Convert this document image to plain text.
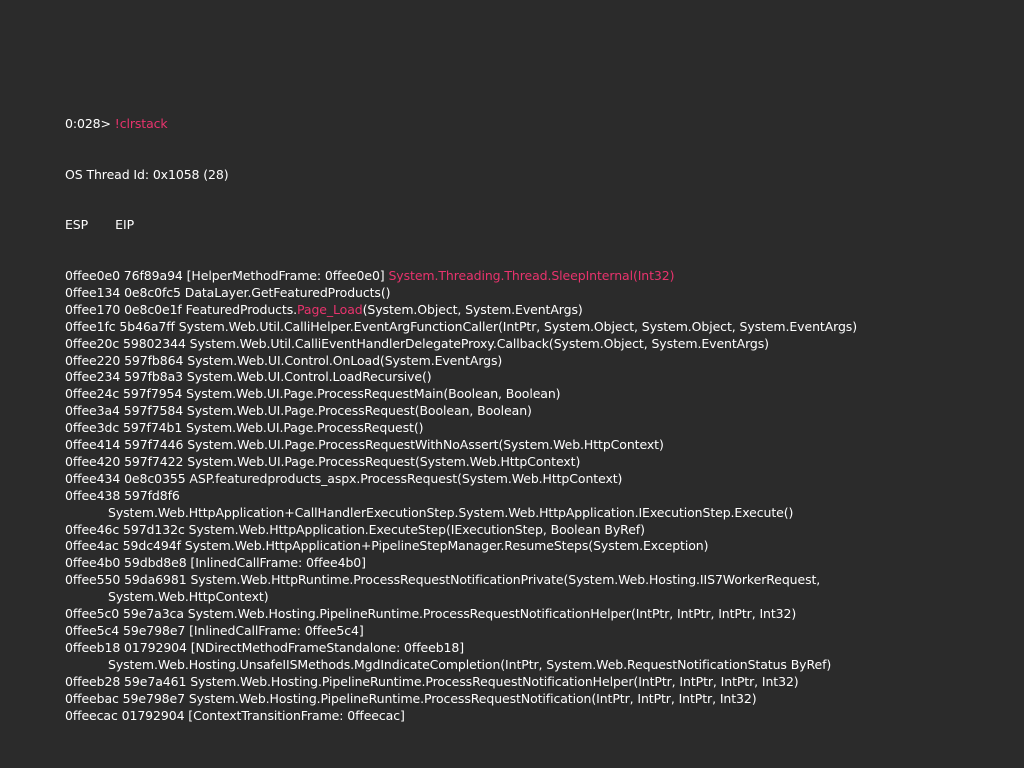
0:028> !clrstack

OS Thread Id: 0x1058 (28)

ESP       EIP

0ffee0e0 76f89a94 [HelperMethodFrame: 0ffee0e0] System.Threading.Thread.SleepInternal(Int32)
0ffee134 0e8c0fc5 DataLayer.GetFeaturedProducts()
0ffee170 0e8c0e1f FeaturedProducts.Page_Load(System.Object, System.EventArgs)
0ffee1fc 5b46a7ff System.Web.Util.CalliHelper.EventArgFunctionCaller(IntPtr, System.Object, System.Object, System.EventArgs)
0ffee20c 59802344 System.Web.Util.CalliEventHandlerDelegateProxy.Callback(System.Object, System.EventArgs)
0ffee220 597fb864 System.Web.UI.Control.OnLoad(System.EventArgs)
0ffee234 597fb8a3 System.Web.UI.Control.LoadRecursive()
0ffee24c 597f7954 System.Web.UI.Page.ProcessRequestMain(Boolean, Boolean)
0ffee3a4 597f7584 System.Web.UI.Page.ProcessRequest(Boolean, Boolean)
0ffee3dc 597f74b1 System.Web.UI.Page.ProcessRequest()
0ffee414 597f7446 System.Web.UI.Page.ProcessRequestWithNoAssert(System.Web.HttpContext)
0ffee420 597f7422 System.Web.UI.Page.ProcessRequest(System.Web.HttpContext)
0ffee434 0e8c0355 ASP.featuredproducts_aspx.ProcessRequest(System.Web.HttpContext)
0ffee438 597fd8f6
System.Web.HttpApplication+CallHandlerExecutionStep.System.Web.HttpApplication.IExecutionStep.Execute()
0ffee46c 597d132c System.Web.HttpApplication.ExecuteStep(IExecutionStep, Boolean ByRef)
0ffee4ac 59dc494f System.Web.HttpApplication+PipelineStepManager.ResumeSteps(System.Exception)
0ffee4b0 59dbd8e8 [InlinedCallFrame: 0ffee4b0]
0ffee550 59da6981 System.Web.HttpRuntime.ProcessRequestNotificationPrivate(System.Web.Hosting.IIS7WorkerRequest,
System.Web.HttpContext)
0ffee5c0 59e7a3ca System.Web.Hosting.PipelineRuntime.ProcessRequestNotificationHelper(IntPtr, IntPtr, IntPtr, Int32)
0ffee5c4 59e798e7 [InlinedCallFrame: 0ffee5c4]
0ffeeb18 01792904 [NDirectMethodFrameStandalone: 0ffeeb18]
System.Web.Hosting.UnsafeIISMethods.MgdIndicateCompletion(IntPtr, System.Web.RequestNotificationStatus ByRef)
0ffeeb28 59e7a461 System.Web.Hosting.PipelineRuntime.ProcessRequestNotificationHelper(IntPtr, IntPtr, IntPtr, Int32)
0ffeebac 59e798e7 System.Web.Hosting.PipelineRuntime.ProcessRequestNotification(IntPtr, IntPtr, IntPtr, Int32)
0ffeecac 01792904 [ContextTransitionFrame: 0ffeecac]
